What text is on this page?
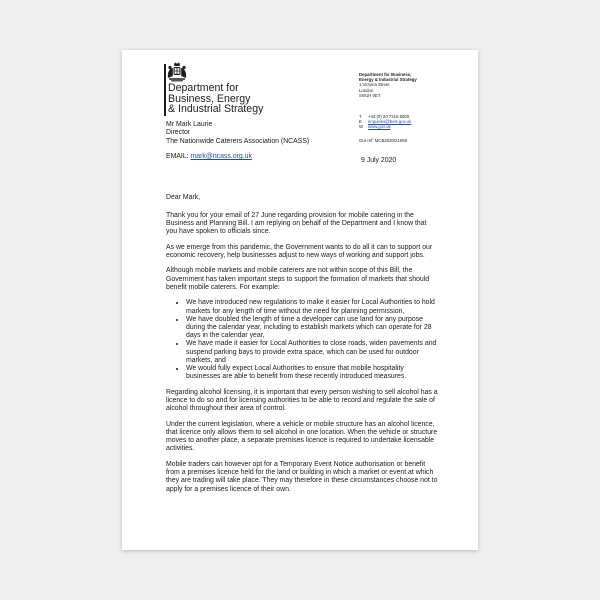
Department for
Business, Energy
& Industrial Strategy
Department for Business,
Energy & Industrial Strategy
1 Victoria Street
London
SW1H 0ET
T	+44 (0) 20 7215 5000
E	enquiries@beis.gov.uk
W	www.gov.uk
Our ref: MCB2020/21659
Mr Mark Laurie
Director
The Nationwide Caterers Association (NCASS)
EMAIL: mark@ncass.org.uk
9 July 2020

Dear Mark,

Thank you for your email of 27 June regarding provision for mobile catering in the Business and Planning Bill. I am replying on behalf of the Department and I know that you have spoken to officials since.

As we emerge from this pandemic, the Government wants to do all it can to support our economic recovery, help businesses adjust to new ways of working and support jobs.

Although mobile markets and mobile caterers are not within scope of this Bill, the Government has taken important steps to support the formation of markets that should benefit mobile caterers. For example:

• We have introduced new regulations to make it easier for Local Authorities to hold markets for any length of time without the need for planning permission,
• We have doubled the length of time a developer can use land for any purpose during the calendar year, including to establish markets which can operate for 28 days in the calendar year,
• We have made it easier for Local Authorities to close roads, widen pavements and suspend parking bays to provide extra space, which can be used for outdoor markets, and
• We would fully expect Local Authorities to ensure that mobile hospitality businesses are able to benefit from these recently introduced measures.

Regarding alcohol licensing, it is important that every person wishing to sell alcohol has a licence to do so and for licensing authorities to be able to record and regulate the sale of alcohol throughout their area of control.

Under the current legislation, where a vehicle or mobile structure has an alcohol licence, that licence only allows them to sell alcohol in one location. When the vehicle or structure moves to another place, a separate premises licence is required to undertake licensable activities.

Mobile traders can however opt for a Temporary Event Notice authorisation or benefit from a premises licence held for the land or building in which a market or event at which they are trading will take place. They may therefore in these circumstances choose not to apply for a premises licence of their own.
